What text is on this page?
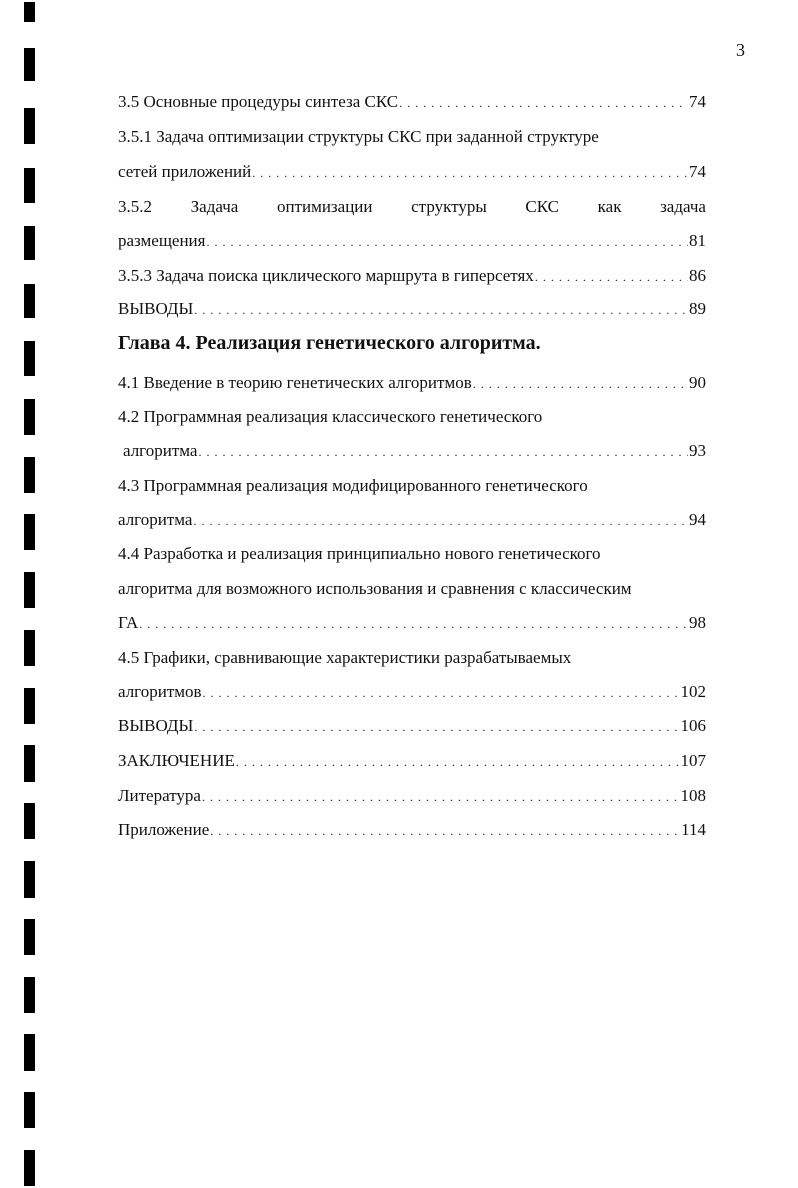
3
3.5 Основные процедуры синтеза СКС . . .	74
3.5.1 Задача оптимизации структуры СКС при заданной структуре
сетей приложений . . .	74
3.5.2 Задача оптимизации структуры СКС как задача
размещения . . .	81
3.5.3 Задача поиска циклического маршрута в гиперсетях . . .	86
ВЫВОДЫ . . .	89
Глава 4. Реализация генетического алгоритма.
4.1 Введение в теорию генетических алгоритмов . . .	90
4.2 Программная реализация классического генетического
алгоритма . . .	93
4.3 Программная реализация модифицированного генетического
алгоритма . . .	94
4.4 Разработка и реализация принципиально нового генетического
алгоритма для возможного использования и сравнения с классическим
ГА . . .	98
4.5 Графики, сравнивающие характеристики разрабатываемых
алгоритмов . . .	102
ВЫВОДЫ . . .	106
ЗАКЛЮЧЕНИЕ . . .	107
Литература . . .	108
Приложение . . .	114
